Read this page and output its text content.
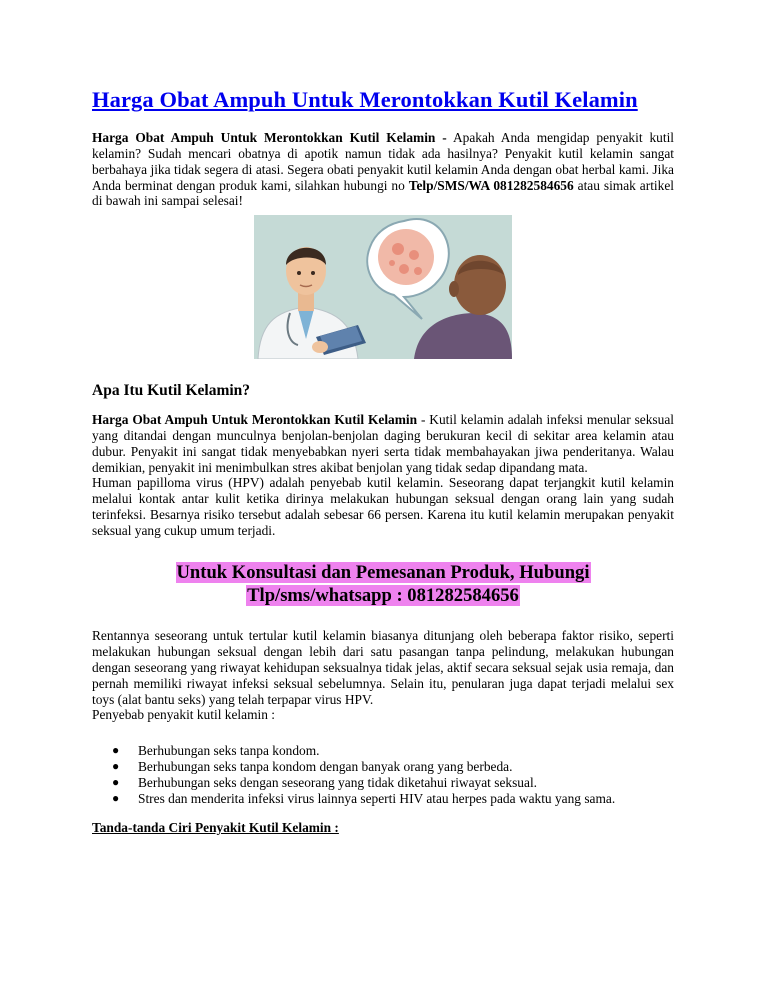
Harga Obat Ampuh Untuk Merontokkan Kutil Kelamin

Harga Obat Ampuh Untuk Merontokkan Kutil Kelamin - Apakah Anda mengidap penyakit kutil kelamin? Sudah mencari obatnya di apotik namun tidak ada hasilnya? Penyakit kutil kelamin sangat berbahaya jika tidak segera di atasi. Segera obati penyakit kutil kelamin Anda dengan obat herbal kami. Jika Anda berminat dengan produk kami, silahkan hubungi no Telp/SMS/WA 081282584656 atau simak artikel di bawah ini sampai selesai!

Apa Itu Kutil Kelamin?

Harga Obat Ampuh Untuk Merontokkan Kutil Kelamin - Kutil kelamin adalah infeksi menular seksual yang ditandai dengan munculnya benjolan-benjolan daging berukuran kecil di sekitar area kelamin atau dubur. Penyakit ini sangat tidak menyebabkan nyeri serta tidak membahayakan jiwa penderitanya. Walau demikian, penyakit ini menimbulkan stres akibat benjolan yang tidak sedap dipandang mata.

Human papilloma virus (HPV) adalah penyebab kutil kelamin. Seseorang dapat terjangkit kutil kelamin melalui kontak antar kulit ketika dirinya melakukan hubungan seksual dengan orang lain yang sudah terinfeksi. Besarnya risiko tersebut adalah sebesar 66 persen. Karena itu kutil kelamin merupakan penyakit seksual yang cukup umum terjadi.

Untuk Konsultasi dan Pemesanan Produk, Hubungi
Tlp/sms/whatsapp : 081282584656

Rentannya seseorang untuk tertular kutil kelamin biasanya ditunjang oleh beberapa faktor risiko, seperti melakukan hubungan seksual dengan lebih dari satu pasangan tanpa pelindung, melakukan hubungan dengan seseorang yang riwayat kehidupan seksualnya tidak jelas, aktif secara seksual sejak usia remaja, dan pernah memiliki riwayat infeksi seksual sebelumnya. Selain itu, penularan juga dapat terjadi melalui sex toys (alat bantu seks) yang telah terpapar virus HPV.

Penyebab penyakit kutil kelamin :

● Berhubungan seks tanpa kondom.
● Berhubungan seks tanpa kondom dengan banyak orang yang berbeda.
● Berhubungan seks dengan seseorang yang tidak diketahui riwayat seksual.
● Stres dan menderita infeksi virus lainnya seperti HIV atau herpes pada waktu yang sama.

Tanda-tanda Ciri Penyakit Kutil Kelamin :
